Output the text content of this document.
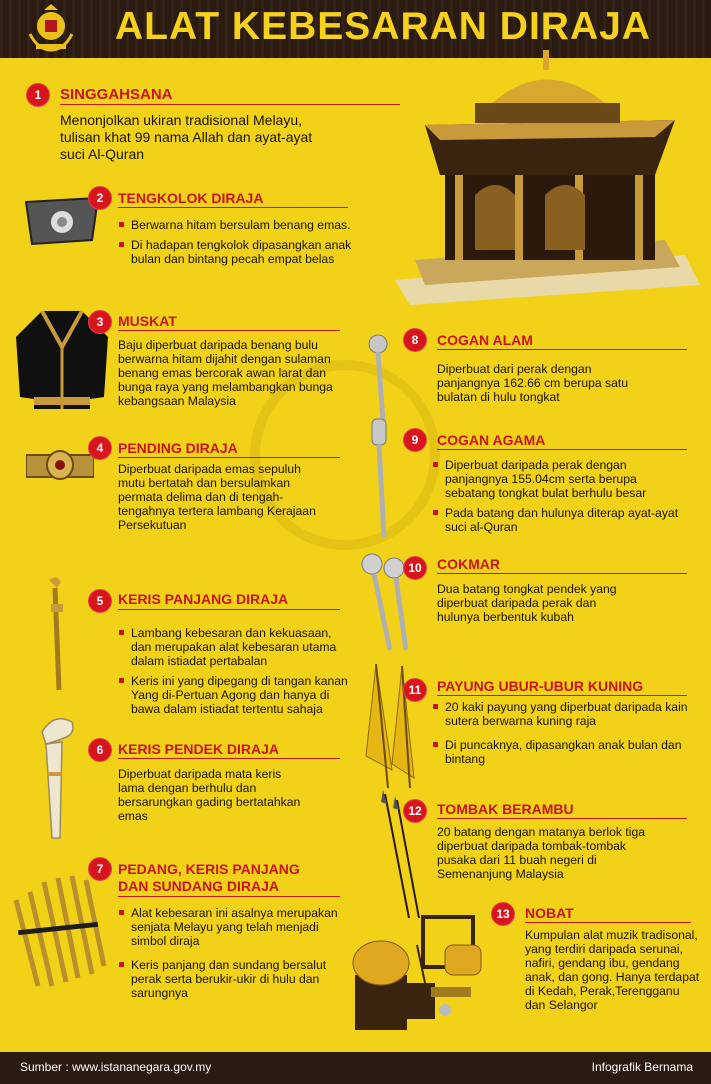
ALAT KEBESARAN DIRAJA
1	SINGGAHSANA
Menonjolkan ukiran tradisional Melayu, tulisan khat 99 nama Allah dan ayat-ayat suci Al-Quran
2	TENGKOLOK DIRAJA
Berwarna hitam bersulam benang emas.
Di hadapan tengkolok dipasangkan anak bulan dan bintang pecah empat belas
3	MUSKAT
Baju diperbuat daripada benang bulu berwarna hitam dijahit dengan sulaman benang emas bercorak awan larat dan bunga raya yang melambangkan bunga kebangsaan Malaysia
4	PENDING DIRAJA
Diperbuat daripada emas sepuluh mutu bertatah dan bersulamkan permata delima dan di tengah-tengahnya tertera lambang Kerajaan Persekutuan
5	KERIS PANJANG DIRAJA
Lambang kebesaran dan kekuasaan, dan merupakan alat kebesaran utama dalam istiadat pertabalan
Keris ini yang dipegang di tangan kanan Yang di-Pertuan Agong dan hanya di bawa dalam istiadat tertentu sahaja
6	KERIS PENDEK DIRAJA
Diperbuat daripada mata keris lama dengan berhulu dan bersarungkan gading bertatahkan emas
7	PEDANG, KERIS PANJANG
DAN SUNDANG DIRAJA
Alat kebesaran ini asalnya merupakan senjata Melayu yang telah menjadi simbol diraja
Keris panjang dan sundang bersalut perak serta berukir-ukir di hulu dan sarungnya
8	COGAN ALAM
Diperbuat dari perak dengan panjangnya 162.66 cm berupa satu bulatan di hulu tongkat
9	COGAN AGAMA
Diperbuat daripada perak dengan panjangnya 155.04cm serta berupa sebatang tongkat bulat berhulu besar
Pada batang dan hulunya diterap ayat-ayat suci al-Quran
10	COKMAR
Dua batang tongkat pendek yang diperbuat daripada perak dan hulunya berbentuk kubah
11	PAYUNG UBUR-UBUR KUNING
20 kaki payung yang diperbuat daripada kain sutera berwarna kuning raja
Di puncaknya, dipasangkan anak bulan dan bintang
12	TOMBAK BERAMBU
20 batang dengan matanya berlok tiga diperbuat daripada tombak-tombak pusaka dari 11 buah negeri di Semenanjung Malaysia
13	NOBAT
Kumpulan alat muzik tradisonal, yang terdiri daripada serunai, nafiri, gendang ibu, gendang anak, dan gong. Hanya terdapat di Kedah, Perak,Terengganu dan Selangor
Sumber : www.istananegara.gov.my	Infografik Bernama
